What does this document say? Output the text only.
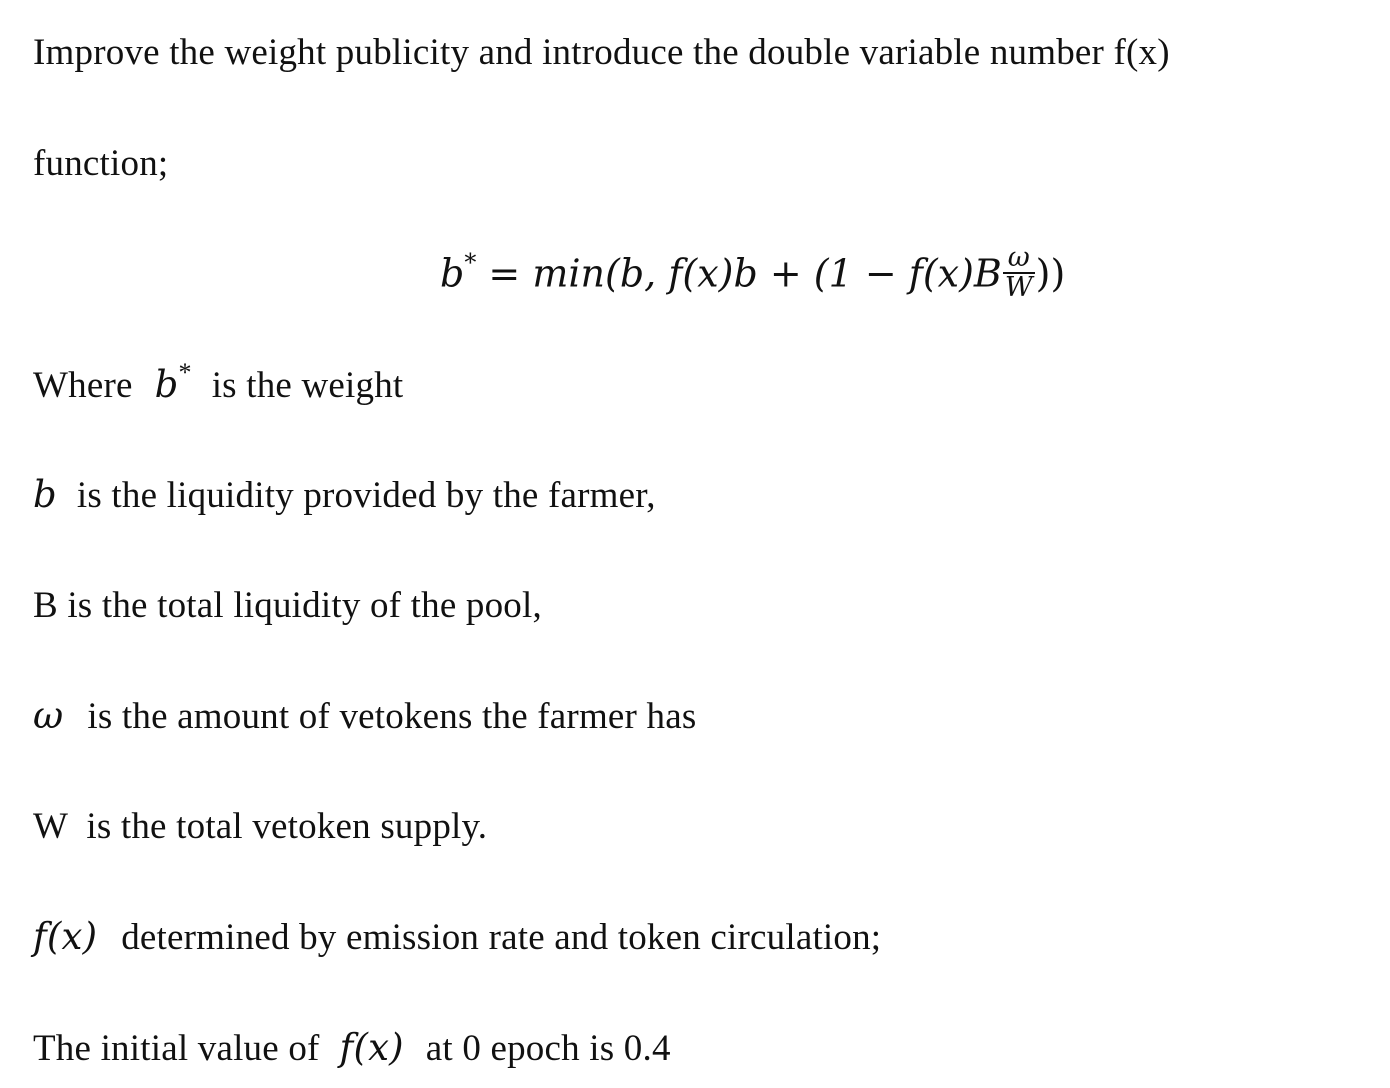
Improve the weight publicity and introduce the double variable number f(x)
function;
b* = min(b, $f(x)b + (1 - f(x)B \frac{\omega}{W}$ ))
Where b* is the weight
b is the liquidity provided by the farmer,
B is the total liquidity of the pool,
ω is the amount of vetokens the farmer has
W  is the total vetoken supply.
f(x) determined by emission rate and token circulation;
The initial value of f(x) at 0 epoch is 0.4
